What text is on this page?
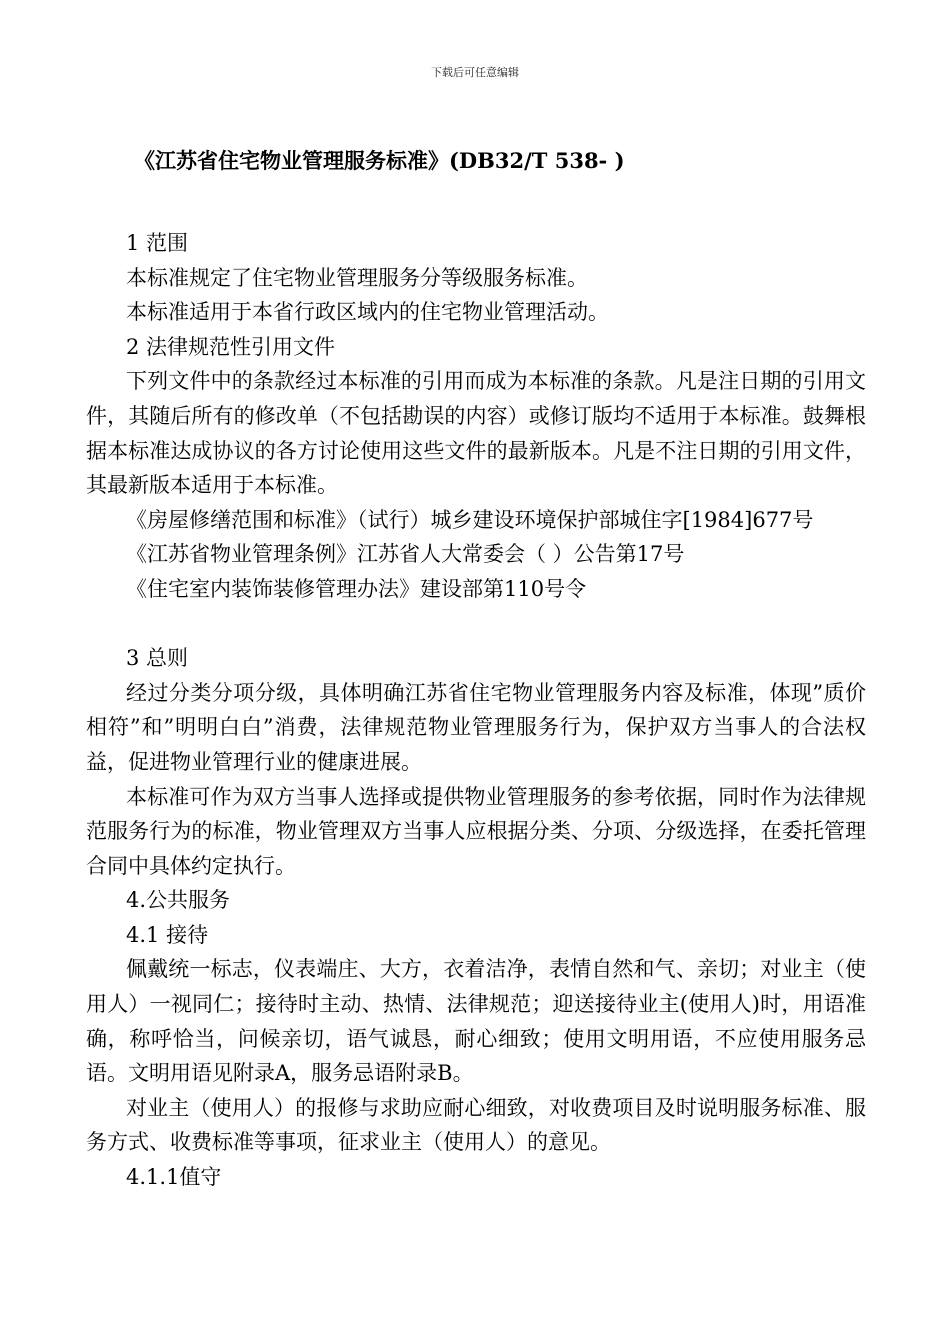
下载后可任意编辑
《江苏省住宅物业管理服务标准》(DB32/T 538- )

1 范围

本标准规定了住宅物业管理服务分等级服务标准。

本标准适用于本省行政区域内的住宅物业管理活动。

2 法律规范性引用文件

下列文件中的条款经过本标准的引用而成为本标准的条款。凡是注日期的引用文件，其随后所有的修改单（不包括勘误的内容）或修订版均不适用于本标准。鼓舞根据本标准达成协议的各方讨论使用这些文件的最新版本。凡是不注日期的引用文件，其最新版本适用于本标准。

《房屋修缮范围和标准》（试行）城乡建设环境保护部城住字[1984]677号

《江苏省物业管理条例》江苏省人大常委会（ ）公告第17号

《住宅室内装饰装修管理办法》建设部第110号令

3 总则

经过分类分项分级，具体明确江苏省住宅物业管理服务内容及标准，体现”质价相符”和”明明白白”消费，法律规范物业管理服务行为，保护双方当事人的合法权益，促进物业管理行业的健康进展。

本标准可作为双方当事人选择或提供物业管理服务的参考依据，同时作为法律规范服务行为的标准，物业管理双方当事人应根据分类、分项、分级选择，在委托管理合同中具体约定执行。

4.公共服务

4.1 接待

佩戴统一标志，仪表端庄、大方，衣着洁净，表情自然和气、亲切；对业主（使用人）一视同仁；接待时主动、热情、法律规范；迎送接待业主(使用人)时，用语准确，称呼恰当，问候亲切，语气诚恳，耐心细致；使用文明用语，不应使用服务忌语。文明用语见附录A，服务忌语附录B。

对业主（使用人）的报修与求助应耐心细致，对收费项目及时说明服务标准、服务方式、收费标准等事项，征求业主（使用人）的意见。

4.1.1值守
